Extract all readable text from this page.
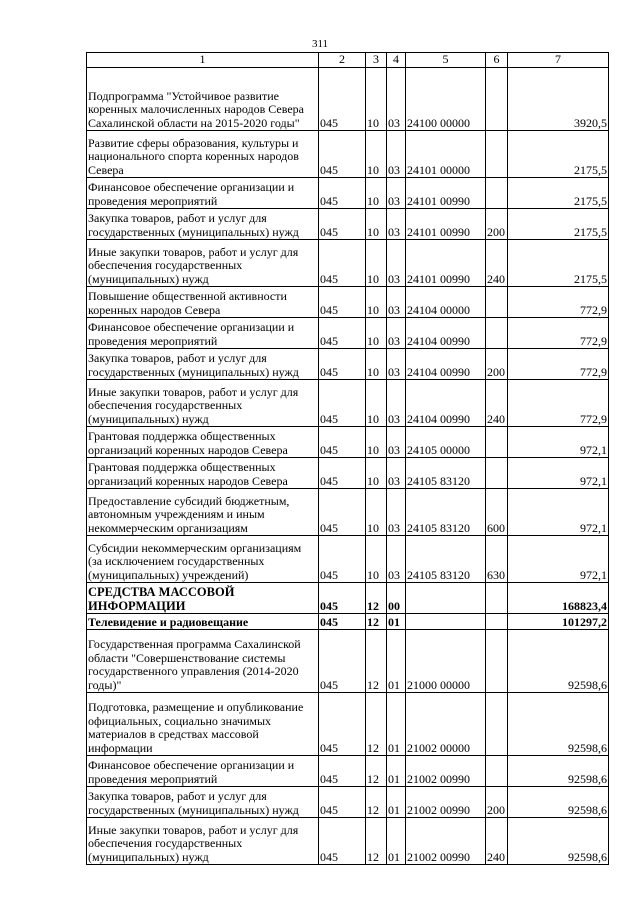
311
1	2	3	4	5	6	7
Подпрограмма "Устойчивое развитие коренных малочисленных народов Севера Сахалинской области на 2015-2020 годы"	045	10	03	24100 00000		3920,5
Развитие сферы образования, культуры и национального спорта коренных народов Севера	045	10	03	24101 00000		2175,5
Финансовое обеспечение организации и проведения мероприятий	045	10	03	24101 00990		2175,5
Закупка товаров, работ и услуг для государственных (муниципальных) нужд	045	10	03	24101 00990	200	2175,5
Иные закупки товаров, работ и услуг для обеспечения государственных (муниципальных) нужд	045	10	03	24101 00990	240	2175,5
Повышение общественной активности коренных народов Севера	045	10	03	24104 00000		772,9
Финансовое обеспечение организации и проведения мероприятий	045	10	03	24104 00990		772,9
Закупка товаров, работ и услуг для государственных (муниципальных) нужд	045	10	03	24104 00990	200	772,9
Иные закупки товаров, работ и услуг для обеспечения государственных (муниципальных) нужд	045	10	03	24104 00990	240	772,9
Грантовая поддержка общественных организаций коренных народов Севера	045	10	03	24105 00000		972,1
Грантовая поддержка общественных организаций коренных народов Севера	045	10	03	24105 83120		972,1
Предоставление субсидий бюджетным, автономным учреждениям и иным некоммерческим организациям	045	10	03	24105 83120	600	972,1
Субсидии некоммерческим организациям (за исключением государственных (муниципальных) учреждений)	045	10	03	24105 83120	630	972,1
СРЕДСТВА МАССОВОЙ ИНФОРМАЦИИ	045	12	00			168823,4
Телевидение и радиовещание	045	12	01			101297,2
Государственная программа Сахалинской области "Совершенствование системы государственного управления (2014-2020 годы)"	045	12	01	21000 00000		92598,6
Подготовка, размещение и опубликование официальных, социально значимых материалов в средствах массовой информации	045	12	01	21002 00000		92598,6
Финансовое обеспечение организации и проведения мероприятий	045	12	01	21002 00990		92598,6
Закупка товаров, работ и услуг для государственных (муниципальных) нужд	045	12	01	21002 00990	200	92598,6
Иные закупки товаров, работ и услуг для обеспечения государственных (муниципальных) нужд	045	12	01	21002 00990	240	92598,6
